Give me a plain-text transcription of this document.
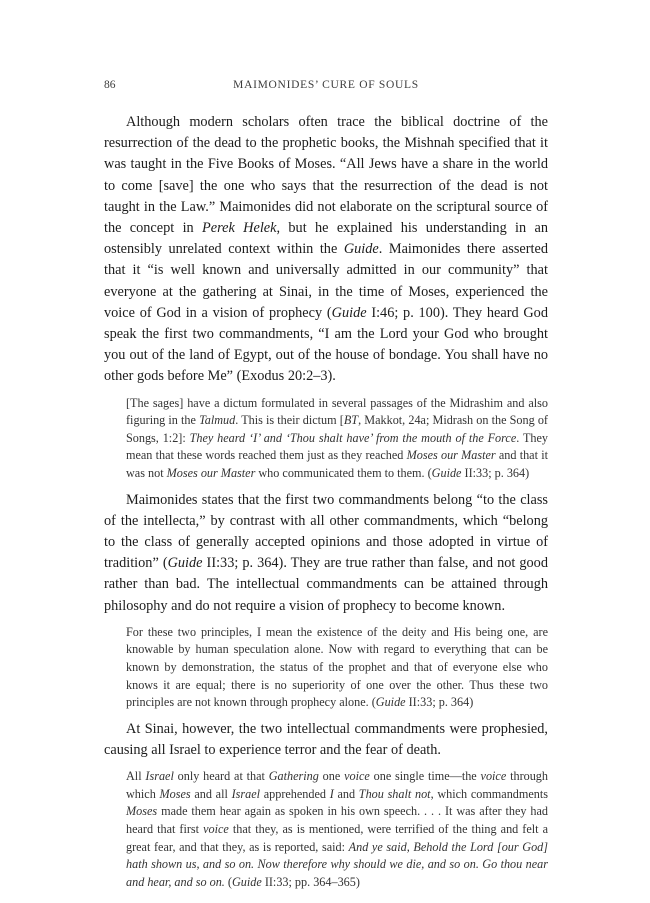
86	MAIMONIDES’ CURE OF SOULS

Although modern scholars often trace the biblical doctrine of the resurrection of the dead to the prophetic books, the Mishnah specified that it was taught in the Five Books of Moses. “All Jews have a share in the world to come [save] the one who says that the resurrection of the dead is not taught in the Law.” Maimonides did not elaborate on the scriptural source of the concept in Perek Helek, but he explained his understanding in an ostensibly unrelated context within the Guide. Maimonides there asserted that it “is well known and universally admitted in our community” that everyone at the gathering at Sinai, in the time of Moses, experienced the voice of God in a vision of prophecy (Guide I:46; p. 100). They heard God speak the first two commandments, “I am the Lord your God who brought you out of the land of Egypt, out of the house of bondage. You shall have no other gods before Me” (Exodus 20:2–3).

[The sages] have a dictum formulated in several passages of the Midrashim and also figuring in the Talmud. This is their dictum [BT, Makkot, 24a; Midrash on the Song of Songs, 1:2]: They heard ‘I’ and ‘Thou shalt have’ from the mouth of the Force. They mean that these words reached them just as they reached Moses our Master and that it was not Moses our Master who communicated them to them. (Guide II:33; p. 364)

Maimonides states that the first two commandments belong “to the class of the intellecta,” by contrast with all other commandments, which “belong to the class of generally accepted opinions and those adopted in virtue of tradition” (Guide II:33; p. 364). They are true rather than false, and not good rather than bad. The intellectual commandments can be attained through philosophy and do not require a vision of prophecy to become known.

For these two principles, I mean the existence of the deity and His being one, are knowable by human speculation alone. Now with regard to everything that can be known by demonstration, the status of the prophet and that of everyone else who knows it are equal; there is no superiority of one over the other. Thus these two principles are not known through prophecy alone. (Guide II:33; p. 364)

At Sinai, however, the two intellectual commandments were prophesied, causing all Israel to experience terror and the fear of death.

All Israel only heard at that Gathering one voice one single time—the voice through which Moses and all Israel apprehended I and Thou shalt not, which commandments Moses made them hear again as spoken in his own speech. . . . It was after they had heard that first voice that they, as is mentioned, were terrified of the thing and felt a great fear, and that they, as is reported, said: And ye said, Behold the Lord [our God] hath shown us, and so on. Now therefore why should we die, and so on. Go thou near and hear, and so on. (Guide II:33; pp. 364–365)
